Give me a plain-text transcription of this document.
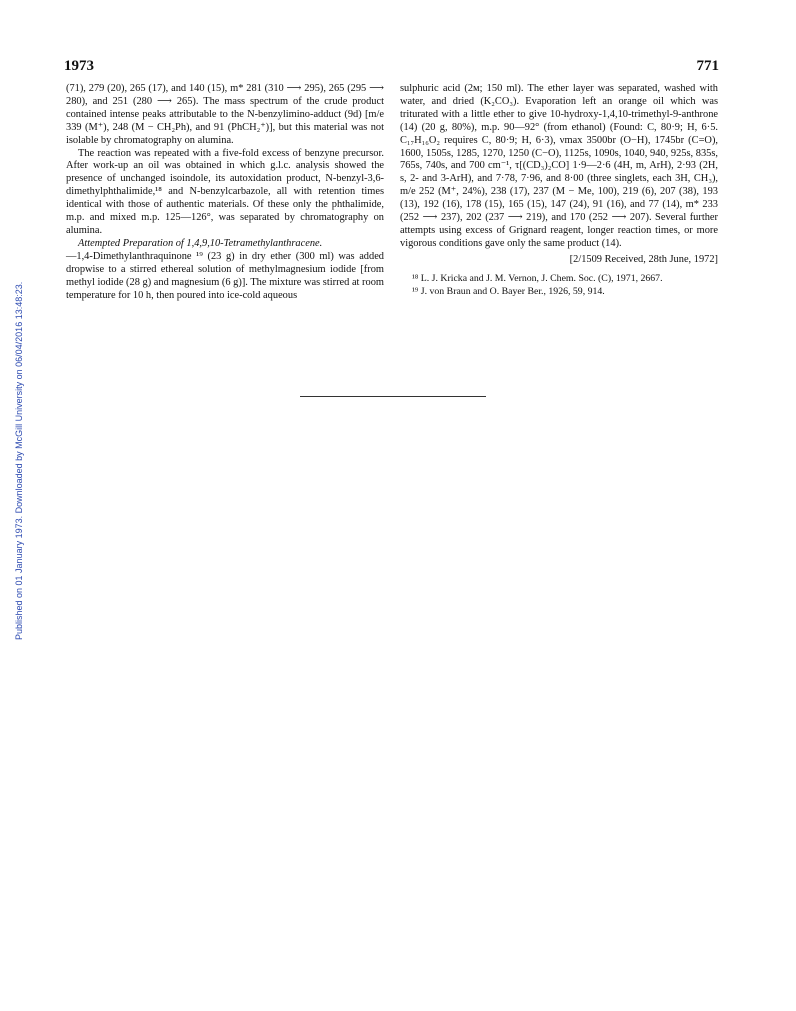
Published on 01 January 1973. Downloaded by McGill University on 06/04/2016 13:48:23.
1973	771

(71), 279 (20), 265 (17), and 140 (15), m* 281 (310 ⟶ 295), 265 (295 ⟶ 280), and 251 (280 ⟶ 265). The mass spectrum of the crude product contained intense peaks attributable to the N-benzylimino-adduct (9d) [m/e 339 (M⁺), 248 (M − CH₂Ph), and 91 (PhCH₂⁺)], but this material was not isolable by chromatography on alumina.

The reaction was repeated with a five-fold excess of benzyne precursor. After work-up an oil was obtained in which g.l.c. analysis showed the presence of unchanged isoindole, its autoxidation product, N-benzyl-3,6-dimethylphthalimide,¹⁸ and N-benzylcarbazole, all with retention times identical with those of authentic materials. Of these only the phthalimide, m.p. and mixed m.p. 125—126°, was separated by chromatography on alumina.

Attempted Preparation of 1,4,9,10-Tetramethylanthracene.

—1,4-Dimethylanthraquinone ¹⁹ (23 g) in dry ether (300 ml) was added dropwise to a stirred ethereal solution of methylmagnesium iodide [from methyl iodide (28 g) and magnesium (6 g)]. The mixture was stirred at room temperature for 10 h, then poured into ice-cold aqueous

sulphuric acid (2м; 150 ml). The ether layer was separated, washed with water, and dried (K₂CO₃). Evaporation left an orange oil which was triturated with a little ether to give 10-hydroxy-1,4,10-trimethyl-9-anthrone (14) (20 g, 80%), m.p. 90—92° (from ethanol) (Found: C, 80·9; H, 6·5. C₁₇H₁₆O₂ requires C, 80·9; H, 6·3), νmax 3500br (O−H), 1745br (C=O), 1600, 1505s, 1285, 1270, 1250 (C−O), 1125s, 1090s, 1040, 940, 925s, 835s, 765s, 740s, and 700 cm⁻¹, τ[(CD₃)₂CO] 1·9—2·6 (4H, m, ArH), 2·93 (2H, s, 2- and 3-ArH), and 7·78, 7·96, and 8·00 (three singlets, each 3H, CH₃), m/e 252 (M⁺, 24%), 238 (17), 237 (M − Me, 100), 219 (6), 207 (38), 193 (13), 192 (16), 178 (15), 165 (15), 147 (24), 91 (16), and 77 (14), m* 233 (252 ⟶ 237), 202 (237 ⟶ 219), and 170 (252 ⟶ 207). Several further attempts using excess of Grignard reagent, longer reaction times, or more vigorous conditions gave only the same product (14).

[2/1509 Received, 28th June, 1972]

¹⁸ L. J. Kricka and J. M. Vernon, J. Chem. Soc. (C), 1971, 2667.

¹⁹ J. von Braun and O. Bayer Ber., 1926, 59, 914.
